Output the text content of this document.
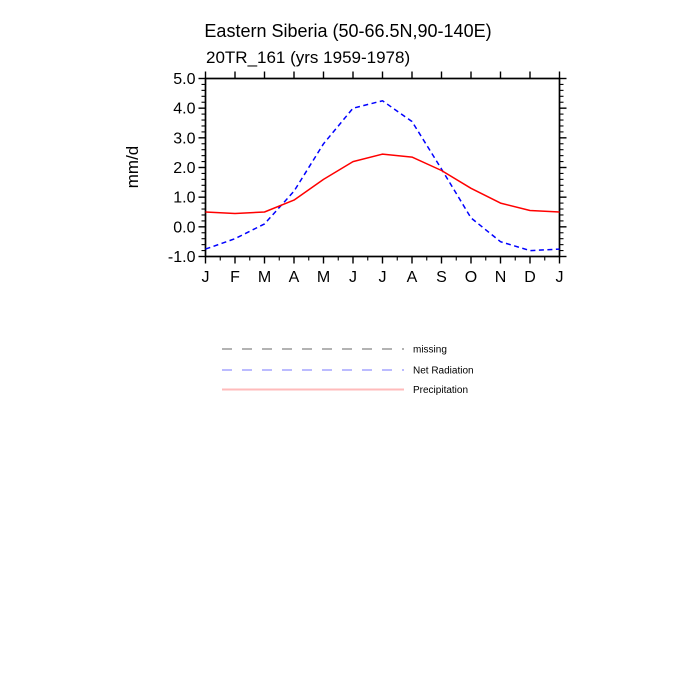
Eastern Siberia (50-66.5N,90-140E)
20TR_161 (yrs 1959-1978)
mm/d
5.0
4.0
3.0
2.0
1.0
0.0
-1.0
J F M A M J J A S O N D J
missing
Net Radiation
Precipitation
